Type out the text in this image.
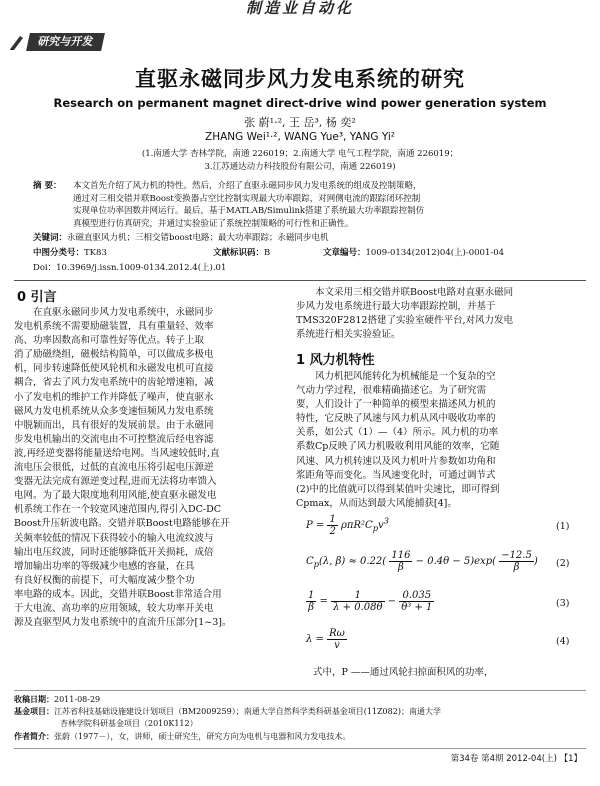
制造业自动化
研究与开发
直驱永磁同步风力发电系统的研究
Research on permanent magnet direct-drive wind power generation system
张 蔚¹·², 王 岳³, 杨 奕²
ZHANG Wei¹·², WANG Yue³, YANG Yi²
(1.南通大学 杏林学院，南通 226019；2.南通大学 电气工程学院，南通 226019；
3.江苏通达动力科技股份有限公司，南通 226019)
摘 要： 本文首先介绍了风力机的特性。然后，介绍了直驱永磁同步风力发电系统的组成及控制策略，
通过对三相交错并联Boost变换器占空比控制实现最大功率跟踪，对网侧电流的跟踪闭环控制
实现单位功率因数并网运行。最后，基于MATLAB/Simulink搭建了系统最大功率跟踪控制仿
真模型进行仿真研究，并通过实验验证了系统控制策略的可行性和正确性。
关键词：永磁直驱风力机；三相交错boost电路；最大功率跟踪；永磁同步电机
中图分类号：TK83	文献标识码：B	文章编号：1009-0134(2012)04(上)-0001-04
Doi：10.3969/j.issn.1009-0134.2012.4(上).01
0 引言
在直驱永磁同步风力发电系统中，永磁同步
发电机系统不需要励磁装置，具有重量轻、效率
高、功率因数高和可靠性好等优点。转子上取
消了励磁绕组，磁极结构简单，可以做成多极电
机，同步转速降低使风轮机和永磁发电机可直接
耦合，省去了风力发电系统中的齿轮增速箱，减
小了发电机的维护工作并降低了噪声，使直驱永
磁风力发电机系统从众多变速恒频风力发电系统
中脱颖而出，具有很好的发展前景。由于永磁同
步发电机输出的交流电由不可控整流后经电容滤
波,再经逆变器将能量送给电网。当风速较低时,直
流电压会很低，过低的直流电压将引起电压源逆
变器无法完成有源逆变过程,进而无法将功率馈入
电网。为了最大限度地利用风能,使直驱永磁发电
机系统工作在一个较宽风速范围内,得引入DC-DC
Boost升压斩波电路。交错并联Boost电路能够在开
关频率较低的情况下获得较小的输入电流纹波与
输出电压纹波，同时还能够降低开关损耗，成倍
增加输出功率的等级减少电感的容量，在具
有良好权衡的前提下，可大幅度减少整个功
率电路的成本。因此，交错并联Boost非常适合用
于大电流、高功率的应用领域，较大功率开关电
源及直驱型风力发电系统中的直流升压部分[1~3]。
本文采用三相交错并联Boost电路对直驱永磁同
步风力发电系统进行最大功率跟踪控制，并基于
TMS320F2812搭建了实验室硬件平台,对风力发电
系统进行相关实验验证。
1 风力机特性
风力机把风能转化为机械能是一个复杂的空
气动力学过程，很难精确描述它。为了研究需
要，人们设计了一种简单的模型来描述风力机的
特性，它反映了风速与风力机从风中吸收功率的
关系，如公式（1）—（4）所示。风力机的功率
系数Cp反映了风力机吸收利用风能的效率，它随
风速、风力机转速以及风力机叶片参数如功角和
浆距角等而变化。当风速变化时，可通过调节式
(2)中的比值就可以得到某值叶尖速比，即可得到
Cpmax，从而达到最大风能捕获[4]。
$P = \frac{1}{2} \rho\pi R^2C_pv^3$
(1)
$C_p(\lambda$, $\beta) \approx 0.22( \frac{116}{\beta} - 0.4\theta - 5)\exp( \frac{-12.5}{\beta}$ ) (2)
$\frac{1}{\beta} = \frac{1}{\lambda + 0.08\theta} - \frac{0.035}{\text{θ³ + 1}}$	(3)
$\lambda = \frac{R\omega}{v}$	(4)
式中，P ——通过风轮扫掠面积风的功率，
收稿日期：2011-08-29
基金项目：江苏省科技基础设施建设计划项目（BM2009259）；南通大学自然科学类科研基金项目(11Z082)；南通大学
杏林学院科研基金项目（2010K112）
作者简介：张蔚（1977－），女，讲师，硕士研究生，研究方向为电机与电器和风力发电技术。
第34卷 第4期 2012-04(上) 【1】
